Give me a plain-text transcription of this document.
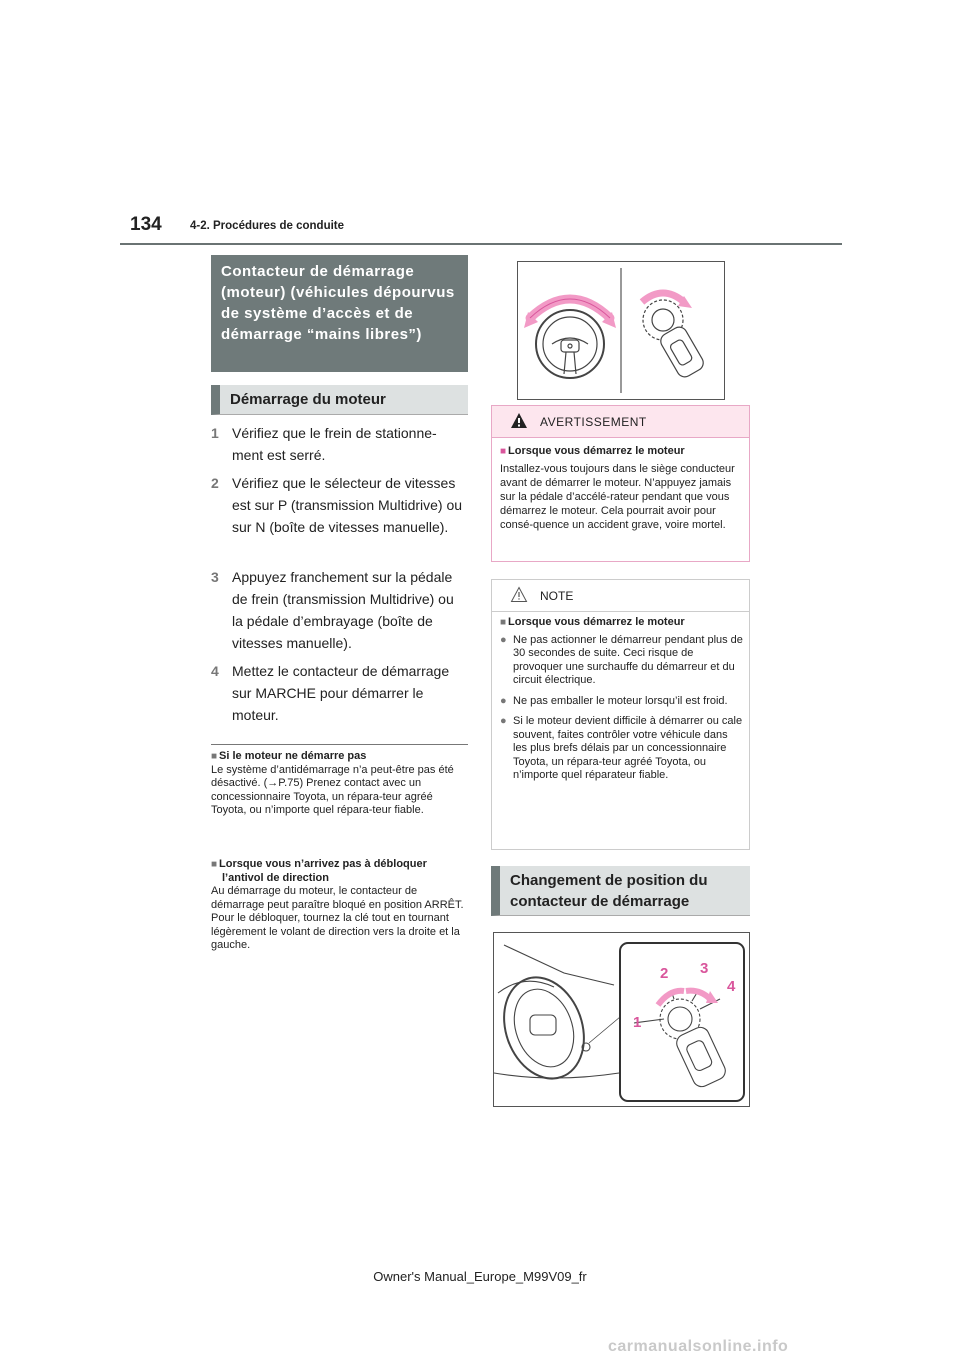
134 4-2. Procédures de conduite
Contacteur de démarrage (moteur) (véhicules dépourvus de système d’accès et de démarrage “mains libres”)
Démarrage du moteur
1 Vérifiez que le frein de stationne-ment est serré.
2 Vérifiez que le sélecteur de vitesses est sur P (transmission Multidrive) ou sur N (boîte de vitesses manuelle).
3 Appuyez franchement sur la pédale de frein (transmission Multidrive) ou la pédale d’embrayage (boîte de vitesses manuelle).
4 Mettez le contacteur de démarrage sur MARCHE pour démarrer le moteur.
■ Si le moteur ne démarre pas
Le système d’antidémarrage n’a peut-être pas été désactivé. (→P.75) Prenez contact avec un concessionnaire Toyota, un répara-teur agréé Toyota, ou n’importe quel répara-teur fiable.
■ Lorsque vous n’arrivez pas à débloquer l’antivol de direction
Au démarrage du moteur, le contacteur de démarrage peut paraître bloqué en position ARRÊT. Pour le débloquer, tournez la clé tout en tournant légèrement le volant de direction vers la droite et la gauche.
AVERTISSEMENT
■ Lorsque vous démarrez le moteur
Installez-vous toujours dans le siège conducteur avant de démarrer le moteur. N’appuyez jamais sur la pédale d’accélé-rateur pendant que vous démarrez le moteur. Cela pourrait avoir pour consé-quence un accident grave, voire mortel.
NOTE
■ Lorsque vous démarrez le moteur
● Ne pas actionner le démarreur pendant plus de 30 secondes de suite. Ceci risque de provoquer une surchauffe du démarreur et du circuit électrique.
● Ne pas emballer le moteur lorsqu’il est froid.
● Si le moteur devient difficile à démarrer ou cale souvent, faites contrôler votre véhicule dans les plus brefs délais par un concessionnaire Toyota, un répara-teur agréé Toyota, ou n’importe quel réparateur fiable.
Changement de position du contacteur de démarrage
1
2 3
4
Owner's Manual_Europe_M99V09_fr
carmanualsonline.info
